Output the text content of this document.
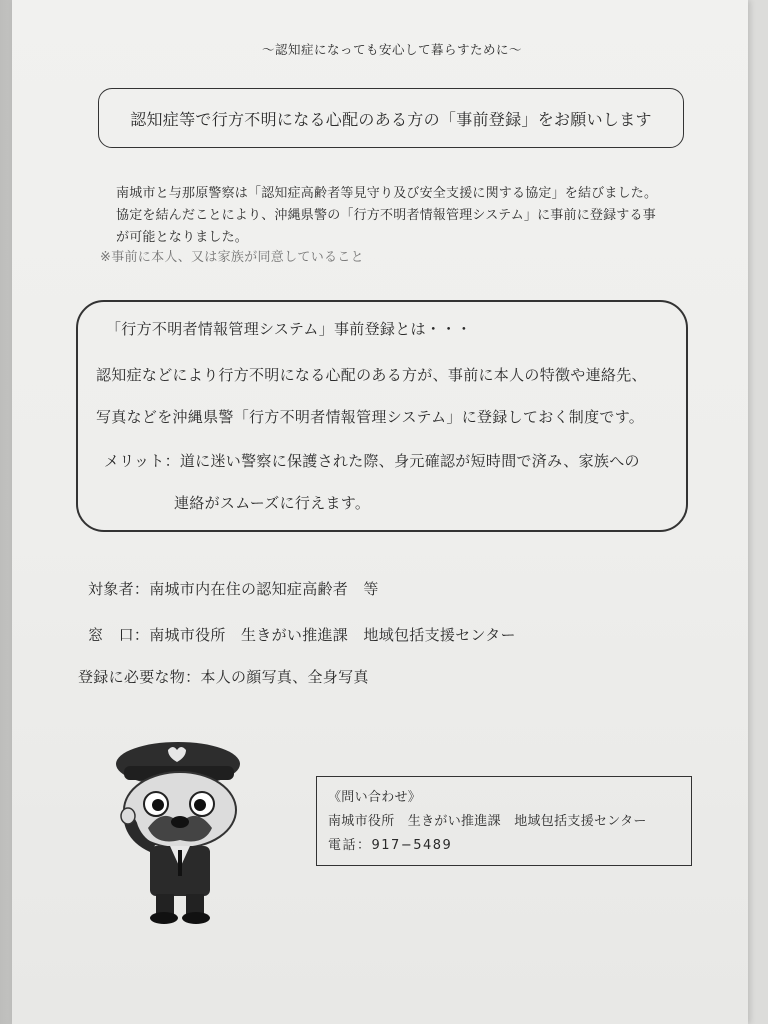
〜認知症になっても安心して暮らすために〜
認知症等で行方不明になる心配のある方の「事前登録」をお願いします
南城市と与那原警察は「認知症高齢者等見守り及び安全支援に関する協定」を結びました。
協定を結んだことにより、沖縄県警の「行方不明者情報管理システム」に事前に登録する事
が可能となりました。
※事前に本人、又は家族が同意していること
「行方不明者情報管理システム」事前登録とは・・・
認知症などにより行方不明になる心配のある方が、事前に本人の特徴や連絡先、
写真などを沖縄県警「行方不明者情報管理システム」に登録しておく制度です。
メリット：道に迷い警察に保護された際、身元確認が短時間で済み、家族への
連絡がスムーズに行えます。
対象者：南城市内在住の認知症高齢者　等
窓　口：南城市役所　生きがい推進課　地域包括支援センター
登録に必要な物：本人の顔写真、全身写真
《問い合わせ》
南城市役所　生きがい推進課　地域包括支援センター
電話：917−5489
